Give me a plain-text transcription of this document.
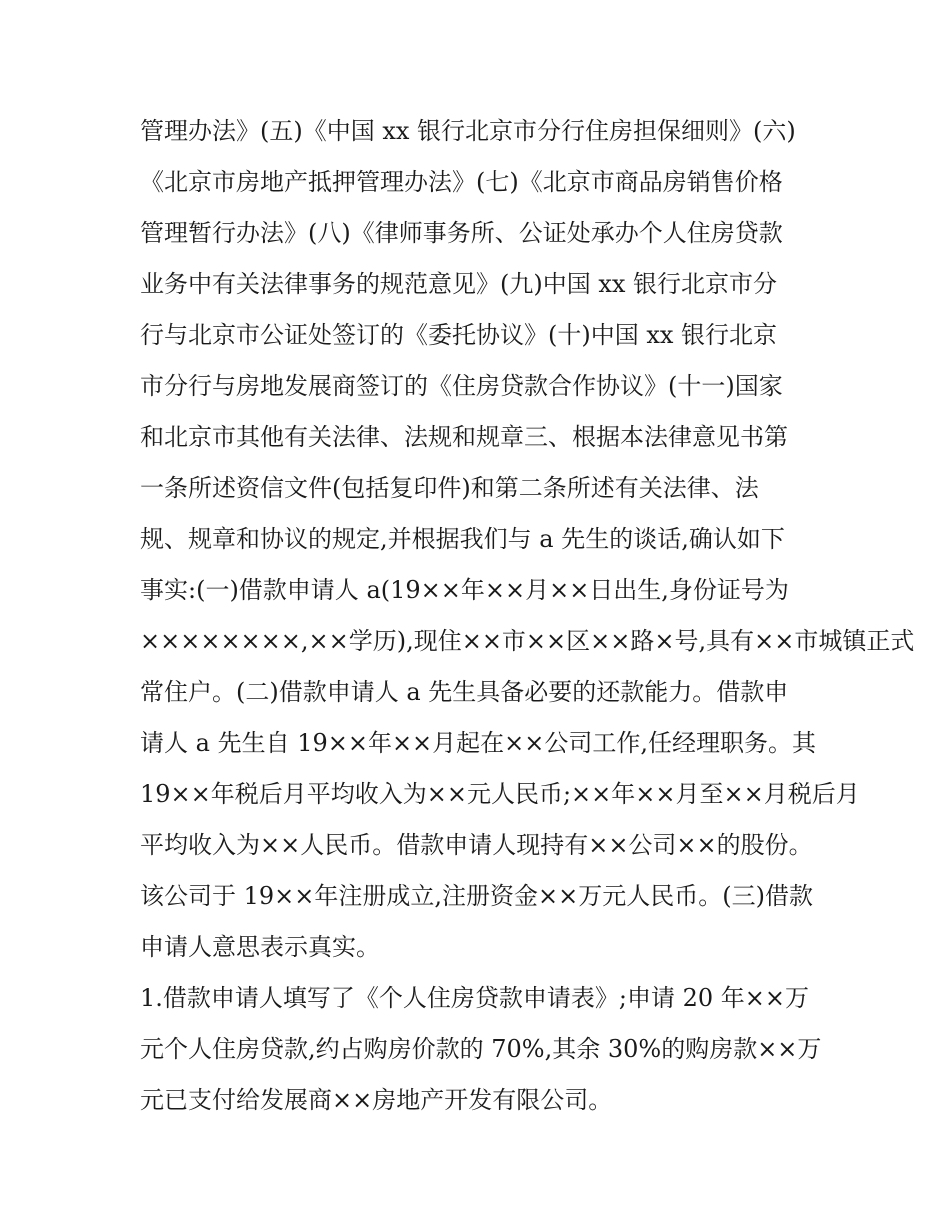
管理办法》(五)《中国 xx 银行北京市分行住房担保细则》(六)
《北京市房地产抵押管理办法》(七)《北京市商品房销售价格
管理暂行办法》(八)《律师事务所、公证处承办个人住房贷款
业务中有关法律事务的规范意见》(九)中国 xx 银行北京市分
行与北京市公证处签订的《委托协议》(十)中国 xx 银行北京
市分行与房地发展商签订的《住房贷款合作协议》(十一)国家
和北京市其他有关法律、法规和规章三、根据本法律意见书第
一条所述资信文件(包括复印件)和第二条所述有关法律、法
规、规章和协议的规定,并根据我们与 a 先生的谈话,确认如下
事实:(一)借款申请人 a(19××年××月××日出生,身份证号为
××××××××,××学历),现住××市××区××路×号,具有××市城镇正式
常住户。(二)借款申请人 a 先生具备必要的还款能力。借款申
请人 a 先生自 19××年××月起在××公司工作,任经理职务。其
19××年税后月平均收入为××元人民币;××年××月至××月税后月
平均收入为××人民币。借款申请人现持有××公司××的股份。
该公司于 19××年注册成立,注册资金××万元人民币。(三)借款
申请人意思表示真实。
1.借款申请人填写了《个人住房贷款申请表》;申请 20 年××万
元个人住房贷款,约占购房价款的 70%,其余 30%的购房款××万
元已支付给发展商××房地产开发有限公司。
